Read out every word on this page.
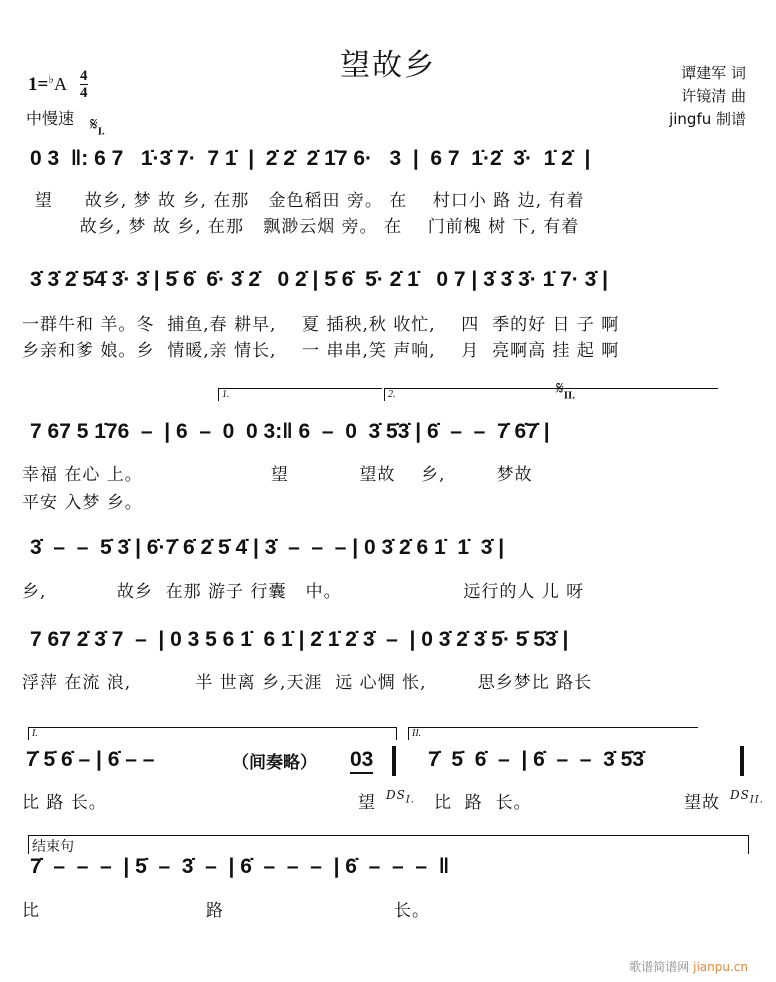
望故乡
1=♭A 4
4
中慢速 $𝄋_{I.}$
谭建军 词
许镜清 曲
jingfu 制谱
0 3  ‖: 6 7   1̇·3̇ 7·  7 1̇  |  2̇ 2̇  2̇ 1̇7 6·   3  |  6 7  1̇·2̇  3̇·  1̇ 2̇  |
望     故乡, 梦 故 乡, 在那   金色稻田 旁。 在    村口小 路 边, 有着
故乡, 梦 故 乡, 在那   飘渺云烟 旁。 在    门前槐 树 下, 有着
3̇ 3̇ 2̇ 5̇4̇ 3̇· 3̇ | 5̇ 6̇  6̇· 3̇ 2̇   0 2̇ | 5̇ 6̇  5̇· 2̇ 1̇   0 7 | 3̇ 3̇ 3̇· 1̇ 7· 3̇ |
一群牛和 羊。冬  捕鱼,春 耕早,    夏 插秧,秋 收忙,    四  季的好 日 子 啊
乡亲和爹 娘。乡  情暖,亲 情长,    一 串串,笑 声响,    月  亮啊高 挂 起 啊
1.	2.	$𝄋_{II.}$
7 67 5 1̇76  –  | 6  –  0  0 3:‖ 6  –  0  3̇ 5̇3̇ | 6̇  –  –  7̇ 6̇7̇ |
幸福 在心 上。                    望           望故    乡,        梦故
平安 入梦 乡。
3̇  –  –  5̇ 3̇ | 6̇·7̇ 6̇ 2̇ 5̇ 4̇ | 3̇  –  –  – | 0 3̇ 2̇ 6 1̇  1̇  3̇ |
乡,           故乡  在那 游子 行囊   中。                   远行的人 儿 呀
7 67 2̇ 3̇ 7  –  | 0 3 5 6 1̇  6 1̇ | 2̇ 1̇ 2̇ 3̇  –  | 0 3̇ 2̇ 3̇ 5̇· 5̇ 5̇3̇ |
浮萍 在流 浪,          半 世离 乡,天涯  远 心惆 怅,        思乡梦比 路长
I.	II.
7̇ 5̇ 6̇ – | 6̇ – –	（间奏略） 03	7̇  5̇  6̇  –  | 6̇  –  –  3̇ 5̇3̇
比 路 长。	望 $DS_{I.}$ 比  路  长。	望故 $DS_{II.}$
结束句
7̇  –  –  –  | 5̇  –  3̇  –  | 6̇  –  –  –  | 6̇  –  –  –  ‖
比	路	长。
歌谱简谱网 jianpu.cn
